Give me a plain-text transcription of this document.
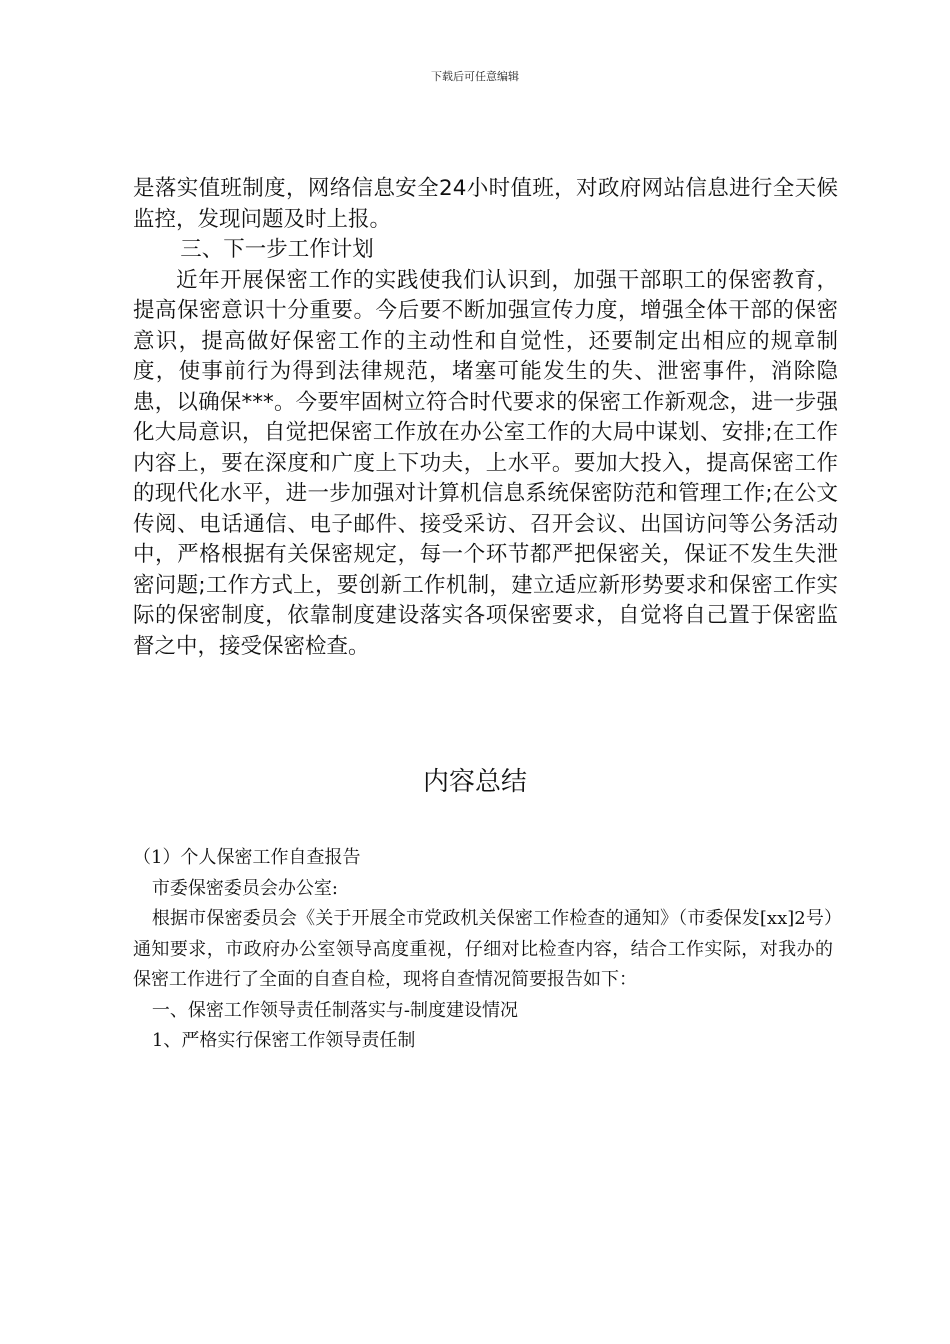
下载后可任意编辑

是落实值班制度，网络信息安全24小时值班，对政府网站信息进行全天候监控，发现问题及时上报。

三、下一步工作计划

近年开展保密工作的实践使我们认识到，加强干部职工的保密教育，提高保密意识十分重要。今后要不断加强宣传力度，增强全体干部的保密意识，提高做好保密工作的主动性和自觉性，还要制定出相应的规章制度，使事前行为得到法律规范，堵塞可能发生的失、泄密事件，消除隐患，以确保***。今要牢固树立符合时代要求的保密工作新观念，进一步强化大局意识，自觉把保密工作放在办公室工作的大局中谋划、安排;在工作内容上，要在深度和广度上下功夫，上水平。要加大投入，提高保密工作的现代化水平，进一步加强对计算机信息系统保密防范和管理工作;在公文传阅、电话通信、电子邮件、接受采访、召开会议、出国访问等公务活动中，严格根据有关保密规定，每一个环节都严把保密关，保证不发生失泄密问题;工作方式上，要创新工作机制，建立适应新形势要求和保密工作实际的保密制度，依靠制度建设落实各项保密要求，自觉将自己置于保密监督之中，接受保密检查。

内容总结

（1）个人保密工作自查报告

市委保密委员会办公室:

根据市保密委员会《关于开展全市党政机关保密工作检查的通知》（市委保发[xx]2号）通知要求，市政府办公室领导高度重视，仔细对比检查内容，结合工作实际，对我办的保密工作进行了全面的自查自检，现将自查情况简要报告如下：

一、保密工作领导责任制落实与-制度建设情况

1、严格实行保密工作领导责任制
